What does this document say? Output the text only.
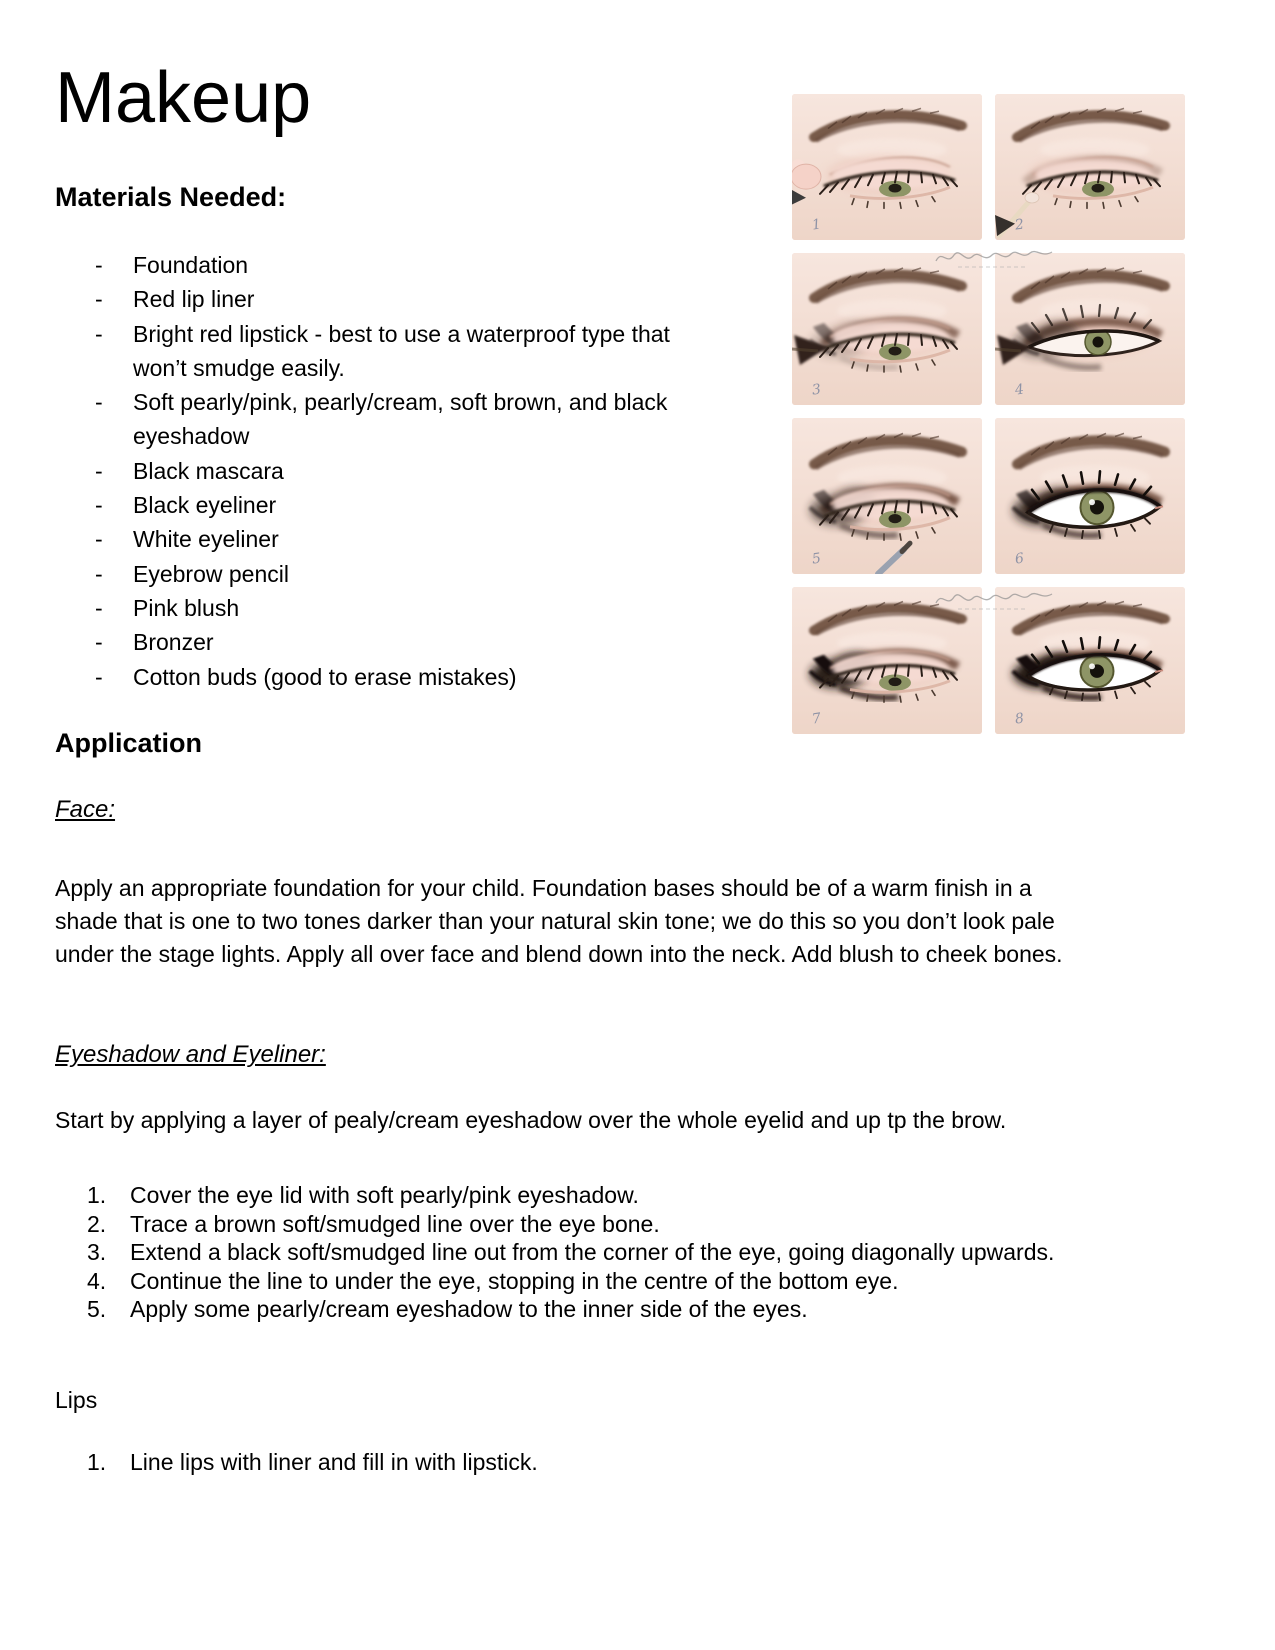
Makeup
1	2
3	4
5	6
7	8
Materials Needed:
- Foundation
- Red lip liner
- Bright red lipstick - best to use a waterproof type that
won’t smudge easily.
- Soft pearly/pink, pearly/cream, soft brown, and black
eyeshadow
- Black mascara
- Black eyeliner
- White eyeliner
- Eyebrow pencil
- Pink blush
- Bronzer
- Cotton buds (good to erase mistakes)
Application
Face:
Apply an appropriate foundation for your child. Foundation bases should be of a warm finish in a
shade that is one to two tones darker than your natural skin tone; we do this so you don’t look pale
under the stage lights. Apply all over face and blend down into the neck. Add blush to cheek bones.
Eyeshadow and Eyeliner:
Start by applying a layer of pealy/cream eyeshadow over the whole eyelid and up tp the brow.
1. Cover the eye lid with soft pearly/pink eyeshadow.
2. Trace a brown soft/smudged line over the eye bone.
3. Extend a black soft/smudged line out from the corner of the eye, going diagonally upwards.
4. Continue the line to under the eye, stopping in the centre of the bottom eye.
5. Apply some pearly/cream eyeshadow to the inner side of the eyes.
Lips
1. Line lips with liner and fill in with lipstick.
